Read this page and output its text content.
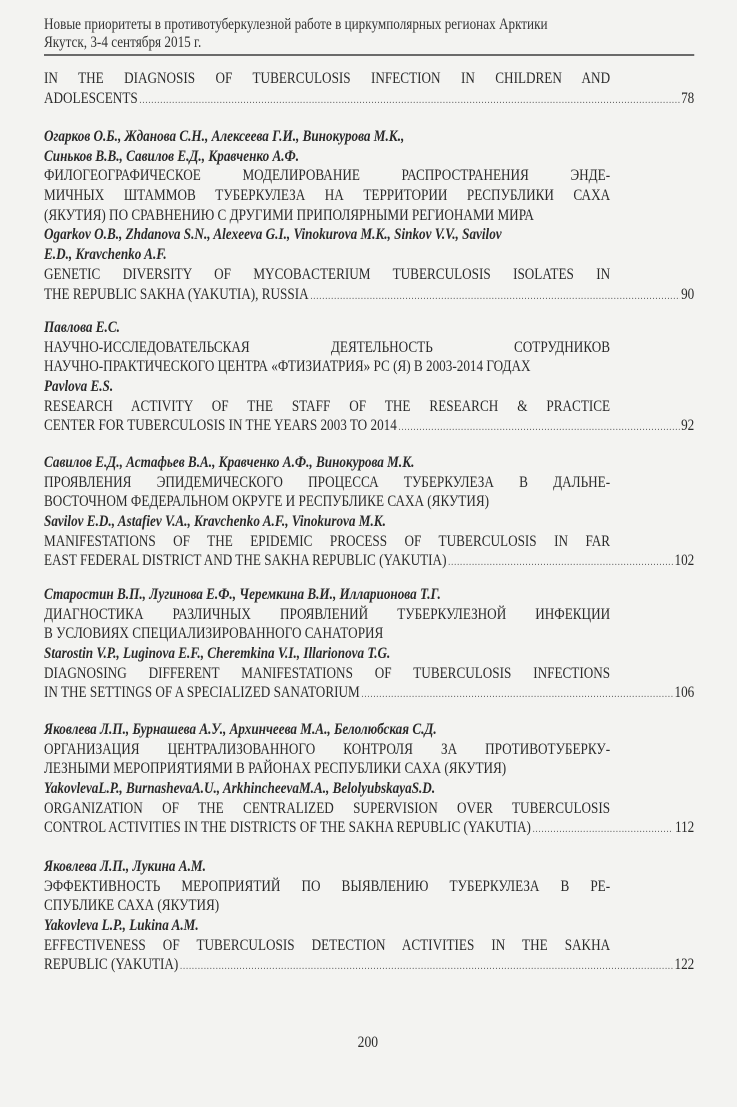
Новые приоритеты в противотуберкулезной работе в циркумполярных регионах Арктики
Якутск, 3-4 сентября 2015 г.
IN THE DIAGNOSIS OF TUBERCULOSIS INFECTION IN CHILDREN AND
ADOLESCENTS .....	78
Огарков О.Б., Жданова С.Н., Алексеева Г.И., Винокурова М.К.,
Синьков В.В., Савилов Е.Д., Кравченко А.Ф.
ФИЛОГЕОГРАФИЧЕСКОЕ МОДЕЛИРОВАНИЕ РАСПРОСТРАНЕНИЯ ЭНДЕ-
МИЧНЫХ ШТАММОВ ТУБЕРКУЛЕЗА НА ТЕРРИТОРИИ РЕСПУБЛИКИ САХА
(ЯКУТИЯ) ПО СРАВНЕНИЮ С ДРУГИМИ ПРИПОЛЯРНЫМИ РЕГИОНАМИ МИРА
Ogarkov O.B., Zhdanova S.N., Alexeeva G.I., Vinokurova M.K., Sinkov V.V., Savilov
E.D., Kravchenko A.F.
GENETIC DIVERSITY OF MYCOBACTERIUM TUBERCULOSIS ISOLATES IN
THE REPUBLIC SAKHA (YAKUTIA), RUSSIA .....	90
Павлова Е.С.
НАУЧНО-ИССЛЕДОВАТЕЛЬСКАЯ ДЕЯТЕЛЬНОСТЬ СОТРУДНИКОВ
НАУЧНО-ПРАКТИЧЕСКОГО ЦЕНТРА «ФТИЗИАТРИЯ» РС (Я) В 2003-2014 ГОДАХ
Pavlova E.S.
RESEARCH ACTIVITY OF THE STAFF OF THE RESEARCH & PRACTICE
CENTER FOR TUBERCULOSIS IN THE YEARS 2003 TO 2014 .....	92
Савилов Е.Д., Астафьев В.А., Кравченко А.Ф., Винокурова М.К.
ПРОЯВЛЕНИЯ ЭПИДЕМИЧЕСКОГО ПРОЦЕССА ТУБЕРКУЛЕЗА В ДАЛЬНЕ-
ВОСТОЧНОМ ФЕДЕРАЛЬНОМ ОКРУГЕ И РЕСПУБЛИКЕ САХА (ЯКУТИЯ)
Savilov E.D., Astafiev V.A., Kravchenko A.F., Vinokurova M.K.
MANIFESTATIONS OF THE EPIDEMIC PROCESS OF TUBERCULOSIS IN FAR
EAST FEDERAL DISTRICT AND THE SAKHA REPUBLIC (YAKUTIA) .....	102
Старостин В.П., Лугинова Е.Ф., Черемкина В.И., Илларионова Т.Г.
ДИАГНОСТИКА РАЗЛИЧНЫХ ПРОЯВЛЕНИЙ ТУБЕРКУЛЕЗНОЙ ИНФЕКЦИИ
В УСЛОВИЯХ СПЕЦИАЛИЗИРОВАННОГО САНАТОРИЯ
Starostin V.P., Luginova E.F., Cheremkina V.I., Illarionova T.G.
DIAGNOSING DIFFERENT MANIFESTATIONS OF TUBERCULOSIS INFECTIONS
IN THE SETTINGS OF A SPECIALIZED SANATORIUM .....	106
Яковлева Л.П., Бурнашева А.У., Архинчеева М.А., Белолюбская С.Д.
ОРГАНИЗАЦИЯ ЦЕНТРАЛИЗОВАННОГО КОНТРОЛЯ ЗА ПРОТИВОТУБЕРКУ-
ЛЕЗНЫМИ МЕРОПРИЯТИЯМИ В РАЙОНАХ РЕСПУБЛИКИ САХА (ЯКУТИЯ)
YakovlevaL.P., BurnashevaA.U., ArkhincheevaM.A., BelolyubskayaS.D.
ORGANIZATION OF THE CENTRALIZED SUPERVISION OVER TUBERCULOSIS
CONTROL ACTIVITIES IN THE DISTRICTS OF THE SAKHA REPUBLIC (YAKUTIA) .....	112
Яковлева Л.П., Лукина А.М.
ЭФФЕКТИВНОСТЬ МЕРОПРИЯТИЙ ПО ВЫЯВЛЕНИЮ ТУБЕРКУЛЕЗА В РЕ-
СПУБЛИКЕ САХА (ЯКУТИЯ)
Yakovleva L.P., Lukina A.M.
EFFECTIVENESS OF TUBERCULOSIS DETECTION ACTIVITIES IN THE SAKHA
REPUBLIC (YAKUTIA) .....	122
200
